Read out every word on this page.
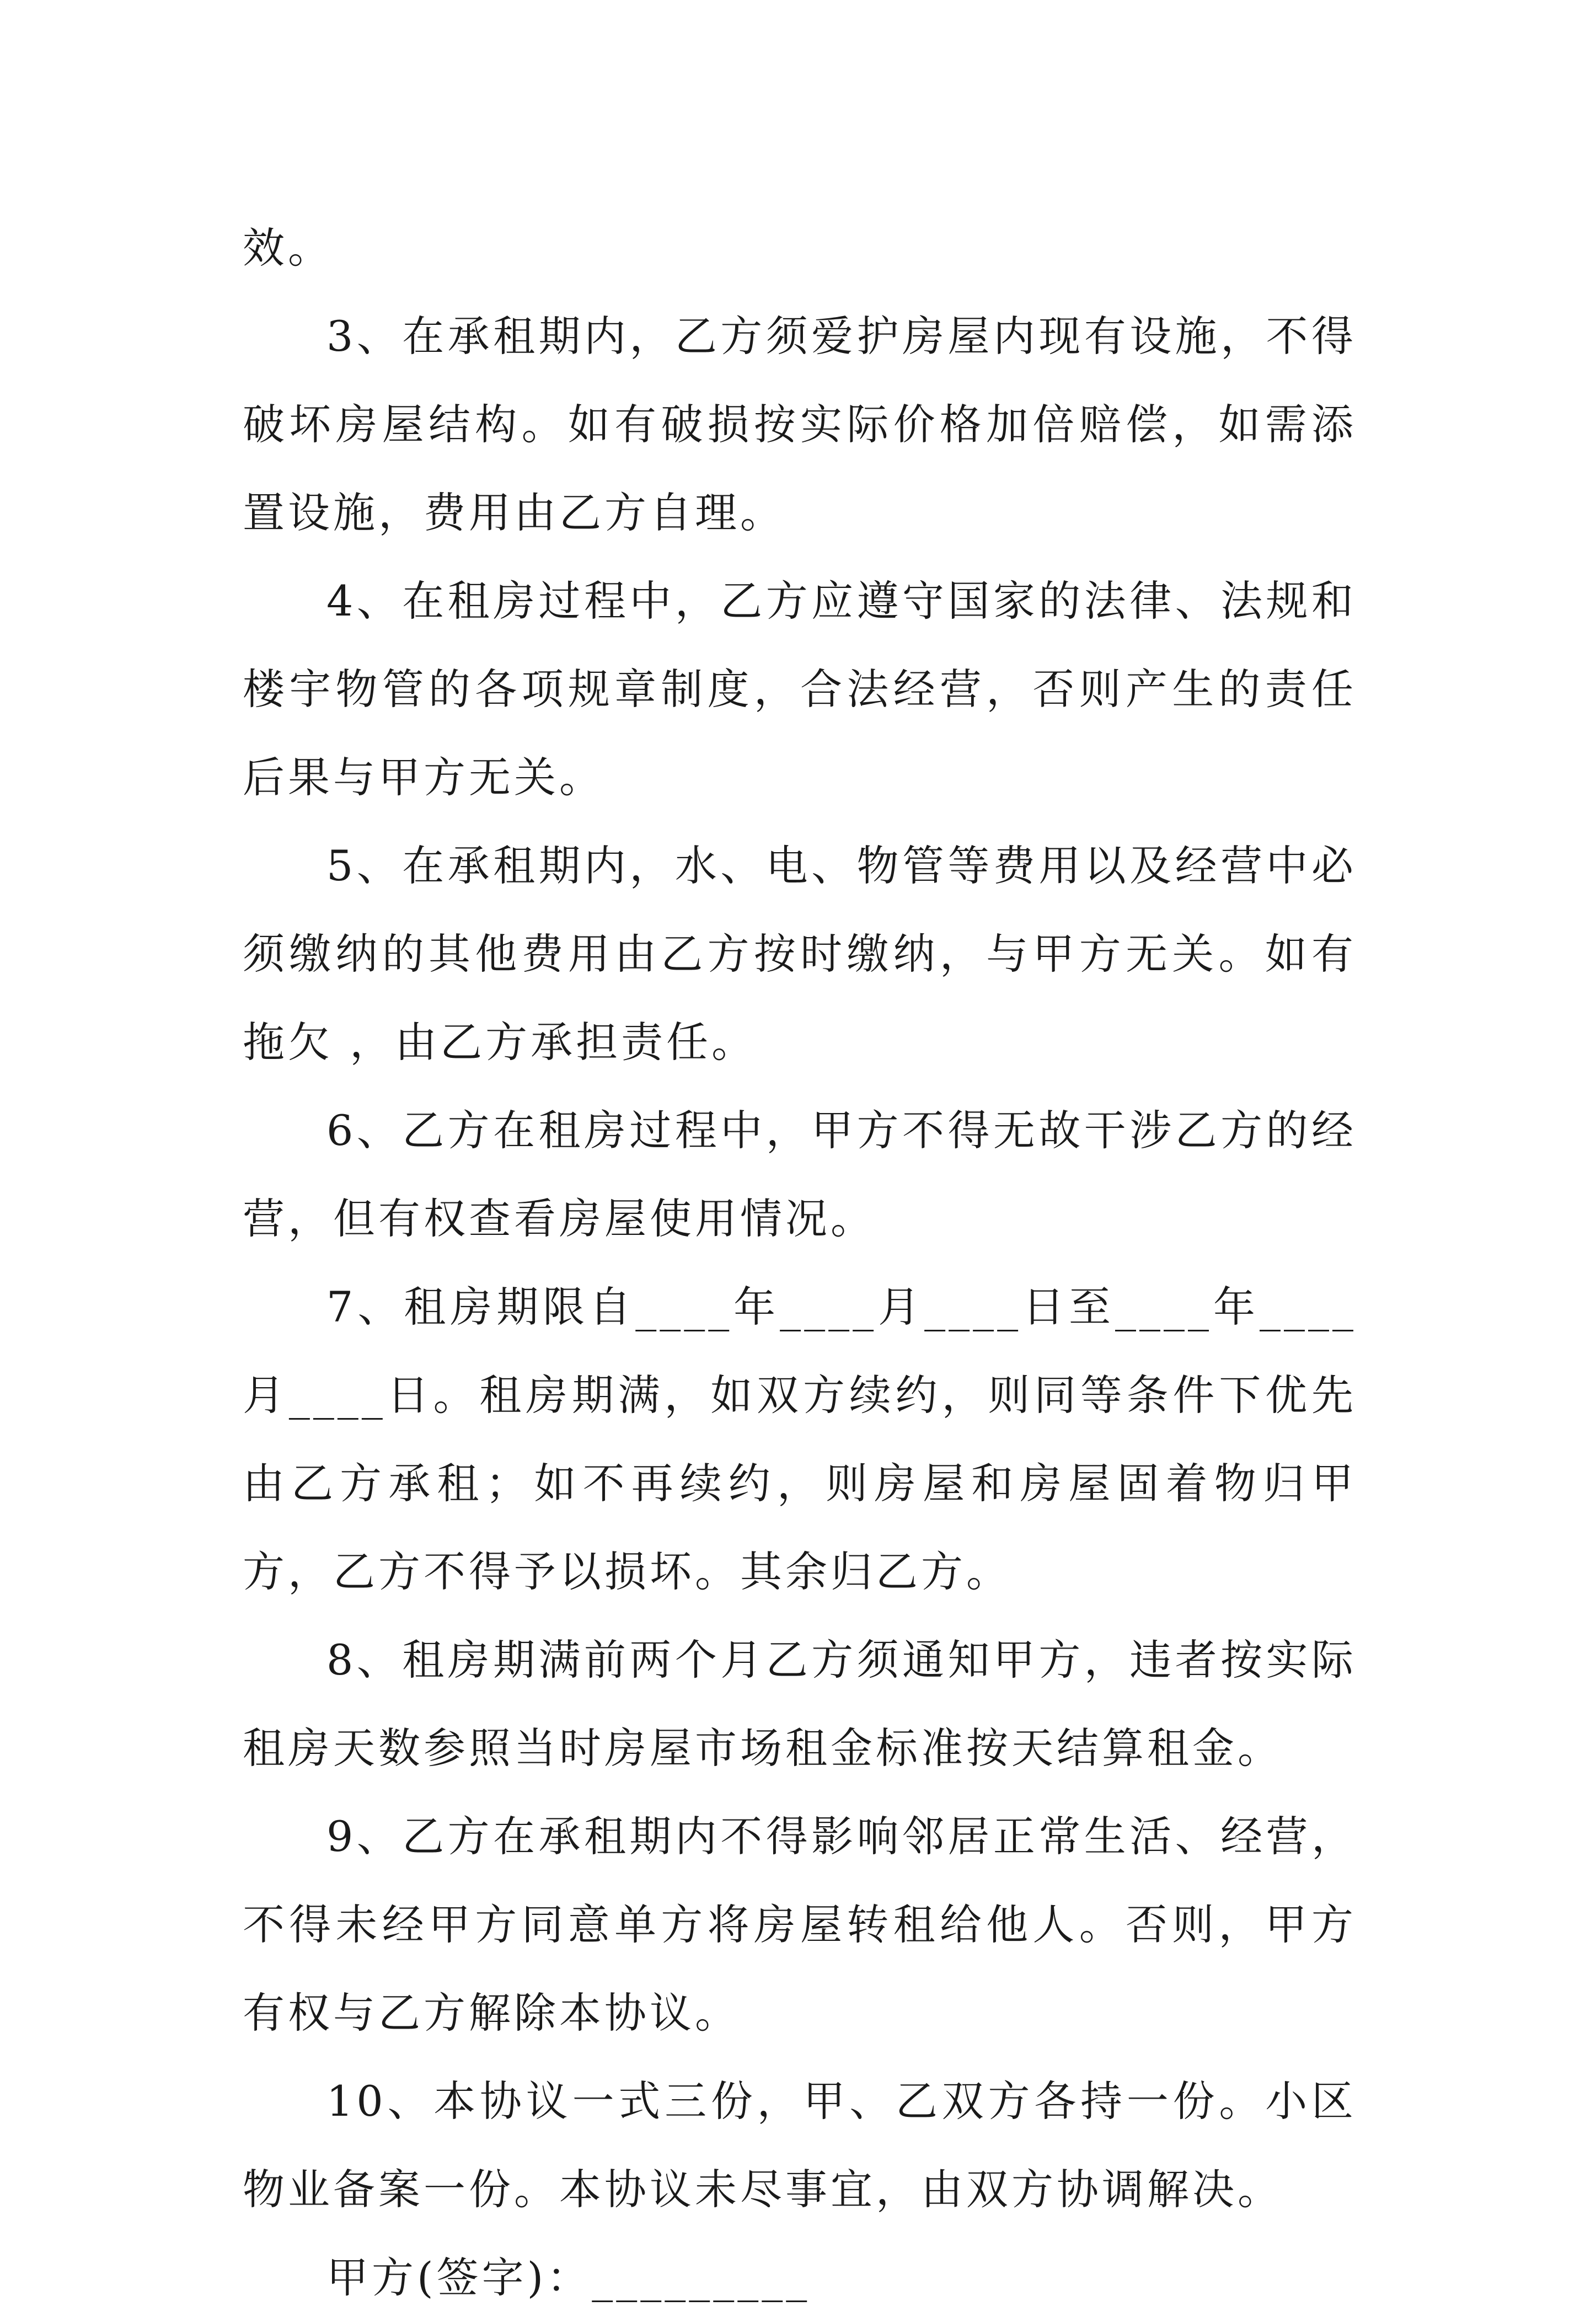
效。

3、在承租期内，乙方须爱护房屋内现有设施，不得破坏房屋结构。如有破损按实际价格加倍赔偿，如需添置设施，费用由乙方自理。

4、在租房过程中，乙方应遵守国家的法律、法规和楼宇物管的各项规章制度，合法经营，否则产生的责任后果与甲方无关。

5、在承租期内，水、电、物管等费用以及经营中必须缴纳的其他费用由乙方按时缴纳，与甲方无关。如有拖欠 ，由乙方承担责任。

6、乙方在租房过程中，甲方不得无故干涉乙方的经营，但有权查看房屋使用情况。

7、租房期限自____年____月____日至____年____月____日。租房期满，如双方续约，则同等条件下优先由乙方承租；如不再续约，则房屋和房屋固着物归甲方，乙方不得予以损坏。其余归乙方。

8、租房期满前两个月乙方须通知甲方，违者按实际租房天数参照当时房屋市场租金标准按天结算租金。

9、乙方在承租期内不得影响邻居正常生活、经营，不得未经甲方同意单方将房屋转租给他人。否则，甲方有权与乙方解除本协议。

10、本协议一式三份，甲、乙双方各持一份。小区物业备案一份。本协议未尽事宜，由双方协调解决。

甲方(签字)：_________
